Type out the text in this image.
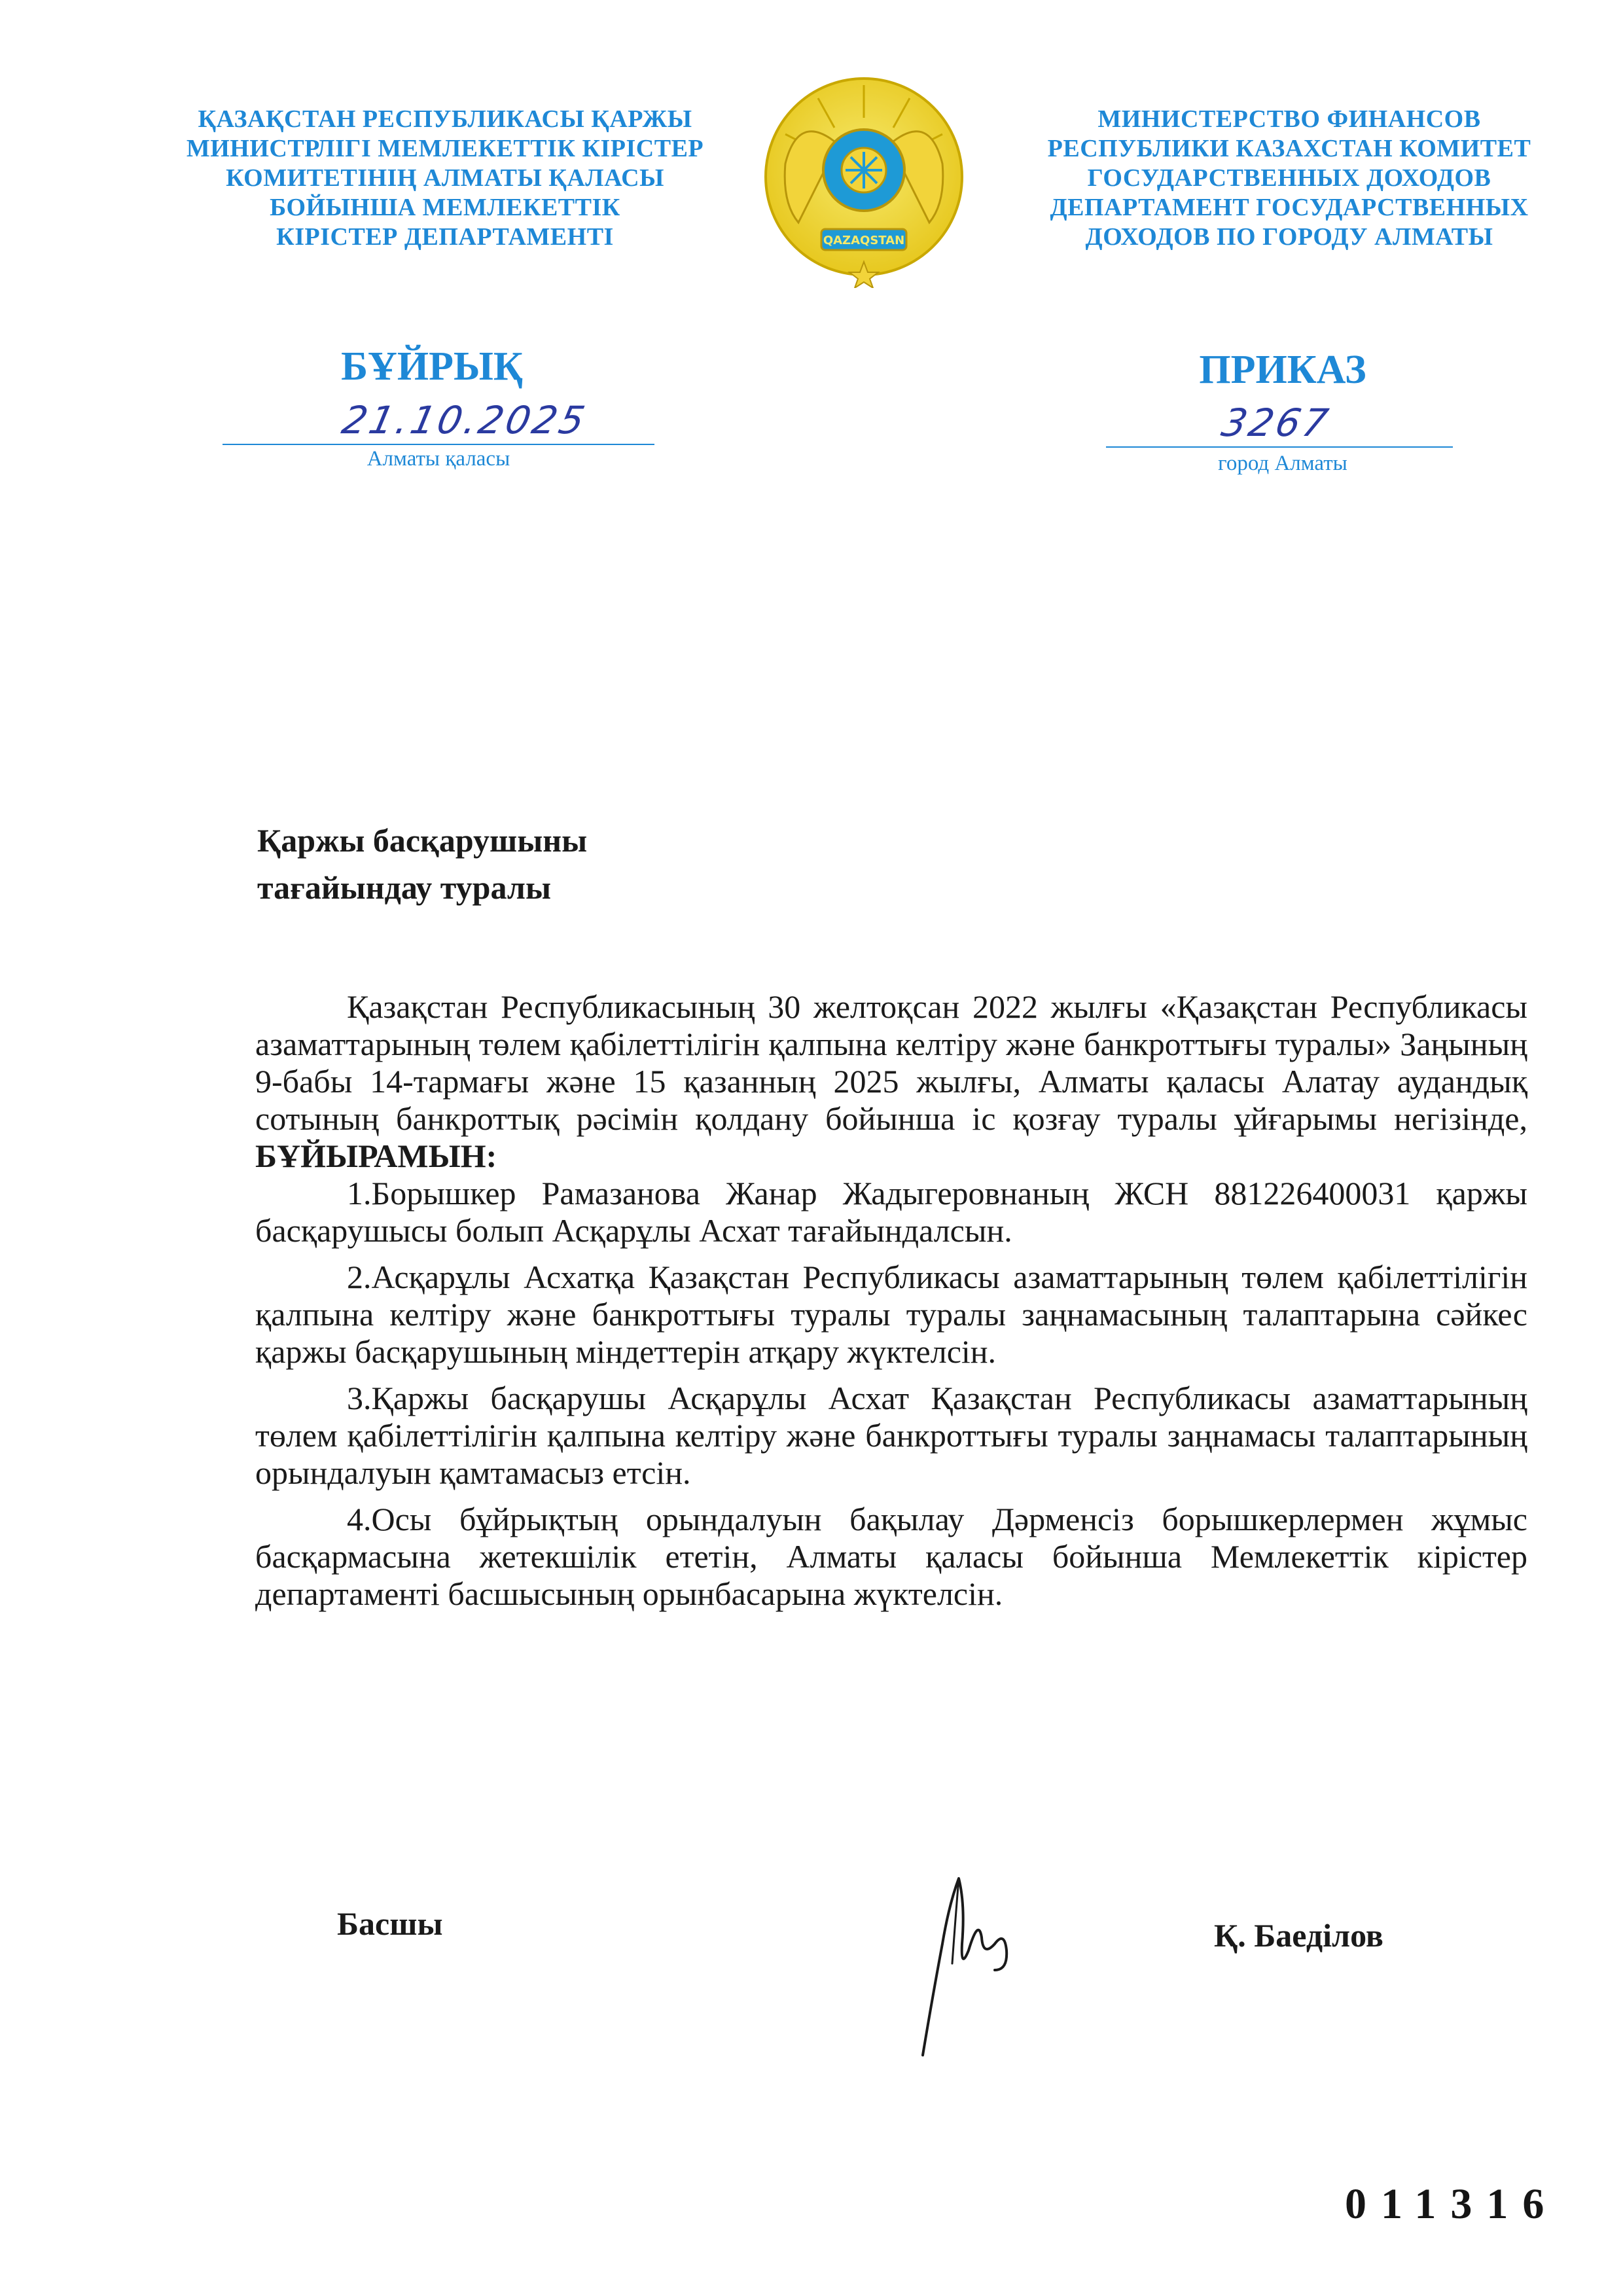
ҚАЗАҚСТАН РЕСПУБЛИКАСЫ ҚАРЖЫ
МИНИСТРЛІГІ МЕМЛЕКЕТТІК КІРІСТЕР
КОМИТЕТІНІҢ АЛМАТЫ ҚАЛАСЫ
БОЙЫНША МЕМЛЕКЕТТІК
КІРІСТЕР ДЕПАРТАМЕНТІ	QAZAQSTAN
МИНИСТЕРСТВО ФИНАНСОВ
РЕСПУБЛИКИ КАЗАХСТАН КОМИТЕТ
ГОСУДАРСТВЕННЫХ ДОХОДОВ
ДЕПАРТАМЕНТ ГОСУДАРСТВЕННЫХ
ДОХОДОВ ПО ГОРОДУ АЛМАТЫ
БҰЙРЫҚ	ПРИКАЗ
21.10.2025	3267
Алматы қаласы	город Алматы
Қаржы басқарушыны
тағайындау туралы

Қазақстан Республикасының 30 желтоқсан 2022 жылғы «Қазақстан Республикасы азаматтарының төлем қабілеттілігін қалпына келтіру және банкроттығы туралы» Заңының 9-бабы 14-тармағы және 15 қазанның 2025 жылғы, Алматы қаласы Алатау аудандық сотының банкроттық рәсімін қолдану бойынша іс қозғау туралы ұйғарымы негізінде, БҰЙЫРАМЫН:

1.Борышкер Рамазанова Жанар Жадыгеровнаның ЖСН 881226400031 қаржы басқарушысы болып Асқарұлы Асхат тағайындалсын.

2.Асқарұлы Асхатқа Қазақстан Республикасы азаматтарының төлем қабілеттілігін қалпына келтіру және банкроттығы туралы туралы заңнамасының талаптарына сәйкес қаржы басқарушының міндеттерін атқару жүктелсін.

3.Қаржы басқарушы Асқарұлы Асхат Қазақстан Республикасы азаматтарының төлем қабілеттілігін қалпына келтіру және банкроттығы туралы заңнамасы талаптарының орындалуын қамтамасыз етсін.

4.Осы бұйрықтың орындалуын бақылау Дәрменсіз борышкерлермен жұмыс басқармасына жетекшілік ететін, Алматы қаласы бойынша Мемлекеттік кірістер департаменті басшысының орынбасарына жүктелсін.

Басшы	Қ. Баеділов
011316
